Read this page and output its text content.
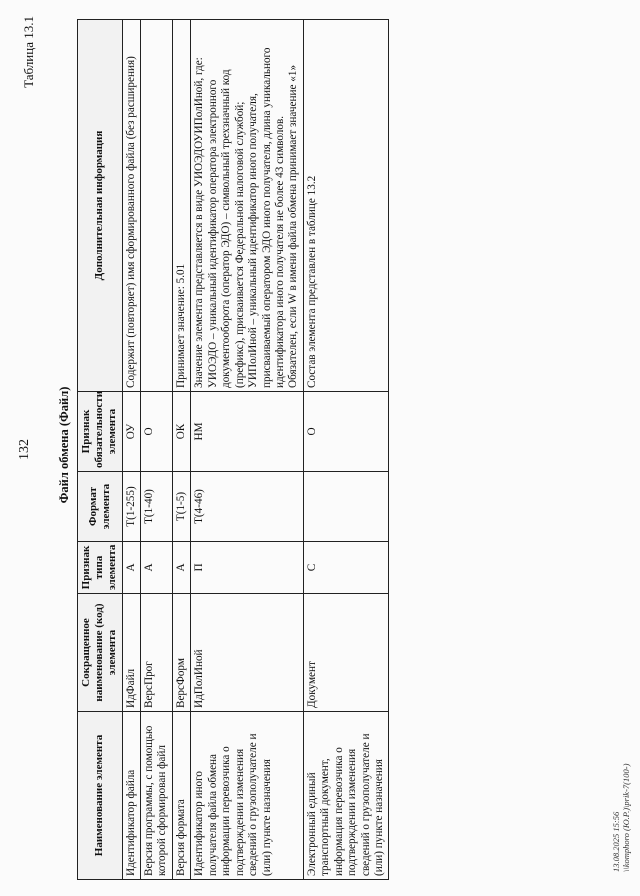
132
Таблица 13.1
Файл обмена (Файл)
Наименование элемента	Сокращенное наименование (код) элемента	Признак типа элемента	Формат элемента	Признак обязательности элемента	Дополнительная информация
Идентификатор файла	ИдФайл	А	T(1-255)	ОУ	Содержит (повторяет) имя сформированного файла (без расширения)
Версия программы, с помощью которой сформирован файл	ВерсПрог	А	T(1-40)	О	
Версия формата	ВерсФорм	А	T(1-5)	ОК	Принимает значение: 5.01
Идентификатор иного получателя файла обмена информации перевозчика о подтверждении изменения сведений о грузополучателе и (или) пункте назначения	ИдПолИной	П	T(4-46)	НМ	Значение элемента представляется в виде УИОЭДОУИПолИной, где:
УИОЭДО – уникальный идентификатор оператора электронного документооборота (оператор ЭДО) – символьный трехзначный код (префикс), присваивается Федеральной налоговой службой;
УИПолИной – уникальный идентификатор иного получателя, присваиваемый оператором ЭДО иного получателя, длина уникального идентификатора иного получателя не более 43 символов.
Обязателен, если W в имени файла обмена принимает значение «1»
Электронный единый транспортный документ, информация перевозчика о подтверждении изменения сведений о грузополучателе и (или) пункте назначения	Документ	С		О	Состав элемента представлен в таблице 13.2
13.08.2025 15:56 \\komphoro (Ю.Р.)\prik-7(100-)
